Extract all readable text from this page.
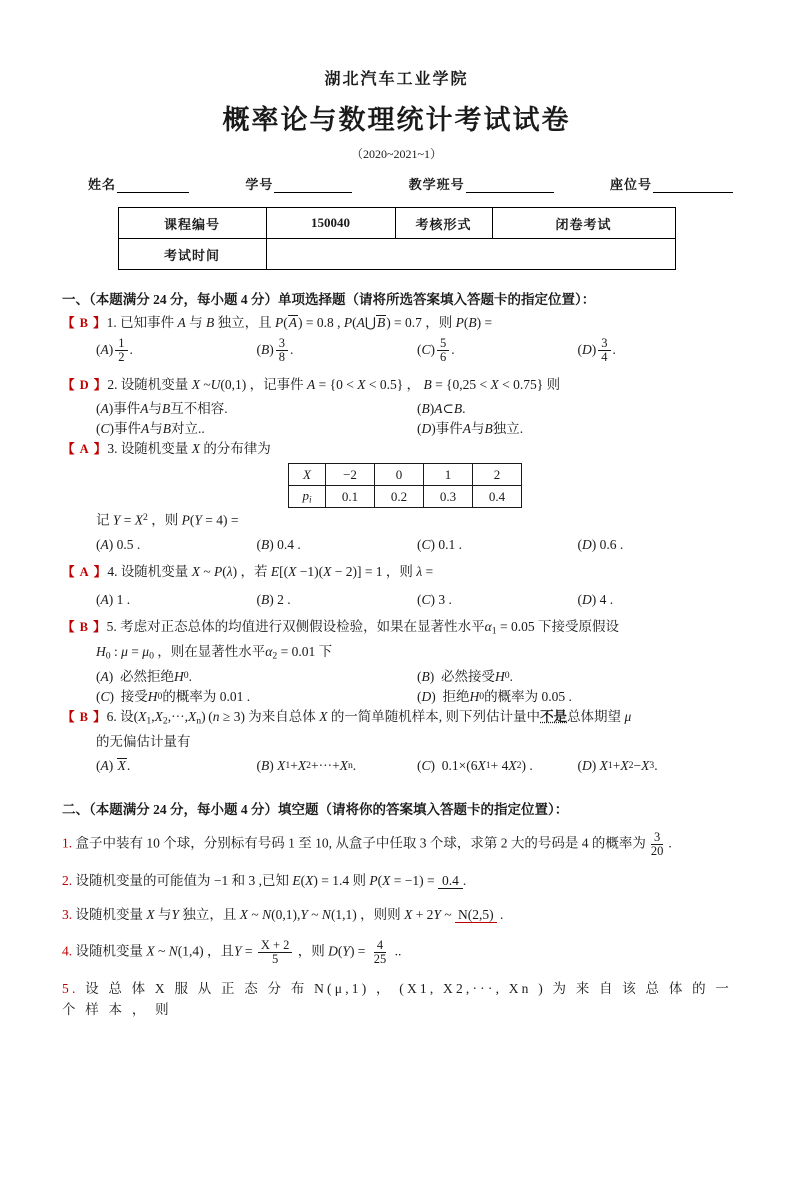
湖北汽车工业学院
概率论与数理统计考试试卷
（2020~2021~1）
姓名	学号	教学班号	座位号
课程编号	150040	考核形式	闭卷考试
考试时间			
一、（本题满分 24 分，每小题 4 分）单项选择题（请将所选答案填入答题卡的指定位置）：
【 B 】1. 已知事件 A 与 B 独立，且 P(A) = 0.8 , P(A⋃B) = 0.7 ，则 P(B) =
( A ) $\frac{1}{2}$ .	( B ) $\frac{3}{8}$ .	( C ) $\frac{5}{6}$ .	( D ) $\frac{3}{4}$ .
【 D 】2. 设随机变量 X ~U(0,1) ，记事件 A = {0 < X < 0.5} ， B = {0,25 < X < 0.75} 则
( A )事件 A 与 B 互不相容.	( B ) A ⊂ B .
( C )事件 A 与 B 对立..	( D )事件 A 与 B 独立.
【 A 】3. 设随机变量 X 的分布律为
X	−2	0	1	2
$p_i$	0.1	0.2	0.3	0.4
记 $Y = X^2$ ，则 P(Y = 4) =
( A ) 0.5 .	( B ) 0.4 .	( C ) 0.1 .	( D ) 0.6 .
【 A 】4. 设随机变量 X ~ P(λ) ，若 E[(X −1)(X − 2)] = 1 ，则 λ =
( A ) 1 .	( B ) 2 .	( C ) 3 .	( D ) 4 .
【 B 】5. 考虑对正态总体的均值进行双侧假设检验，如果在显著性水平$\alpha_1 = 0.05$ 下接受原假设
$H_0$ : $\mu = \mu_0$ ，则在显著性水平$\alpha_2 = 0.01$ 下
( A )  必然拒绝 H 0 .	( B )  必然接受 H 0 .
( C )  接受 H 0 的概率为 0.01 .	( D )  拒绝 H 0 的概率为 0.05 .
【 B 】6. 设$(X_1,X_2,\cdot\cdot\cdot,X_n) (n \ge 3)$ 为来自总体 X 的一简单随机样本, 则下列估计量中不是总体期望 μ
的无偏估计量有
( A ) X .	( B ) X 1 + X 2 +···+ X n .	( C )  0.1×(6 X 1 + 4 X 2 ) .	( D ) X 1 + X 2 − X 3 .
二、（本题满分 24 分，每小题 4 分）填空题（请将你的答案填入答题卡的指定位置）：
1. 盒子中装有 10 个球，分别标有号码 1 至 10, 从盒子中任取 3 个球，求第 2 大的号码是 4 的概率为 $\frac{3}{20}$ .
2. 设随机变量的可能值为 −1 和 3 ,已知 E(X) = 1.4 则 P(X = −1) = 0.4 .
3. 设随机变量 X 与Y 独立，且 X ~ N(0,1),Y ~ N(1,1) ，则则 X + 2Y ~ N(2,5) .
4. 设随机变量 X ~ N(1,4) ，且$Y = \frac{X + 2}{5}$ ，则 $D(Y) = \frac{4}{25}$ ..
5. 设 总 体 X 服 从 正 态 分 布 N(μ,1) ， (X1, X2,···, Xn ) 为 来 自 该 总 体 的 一 个 样 本 ， 则
